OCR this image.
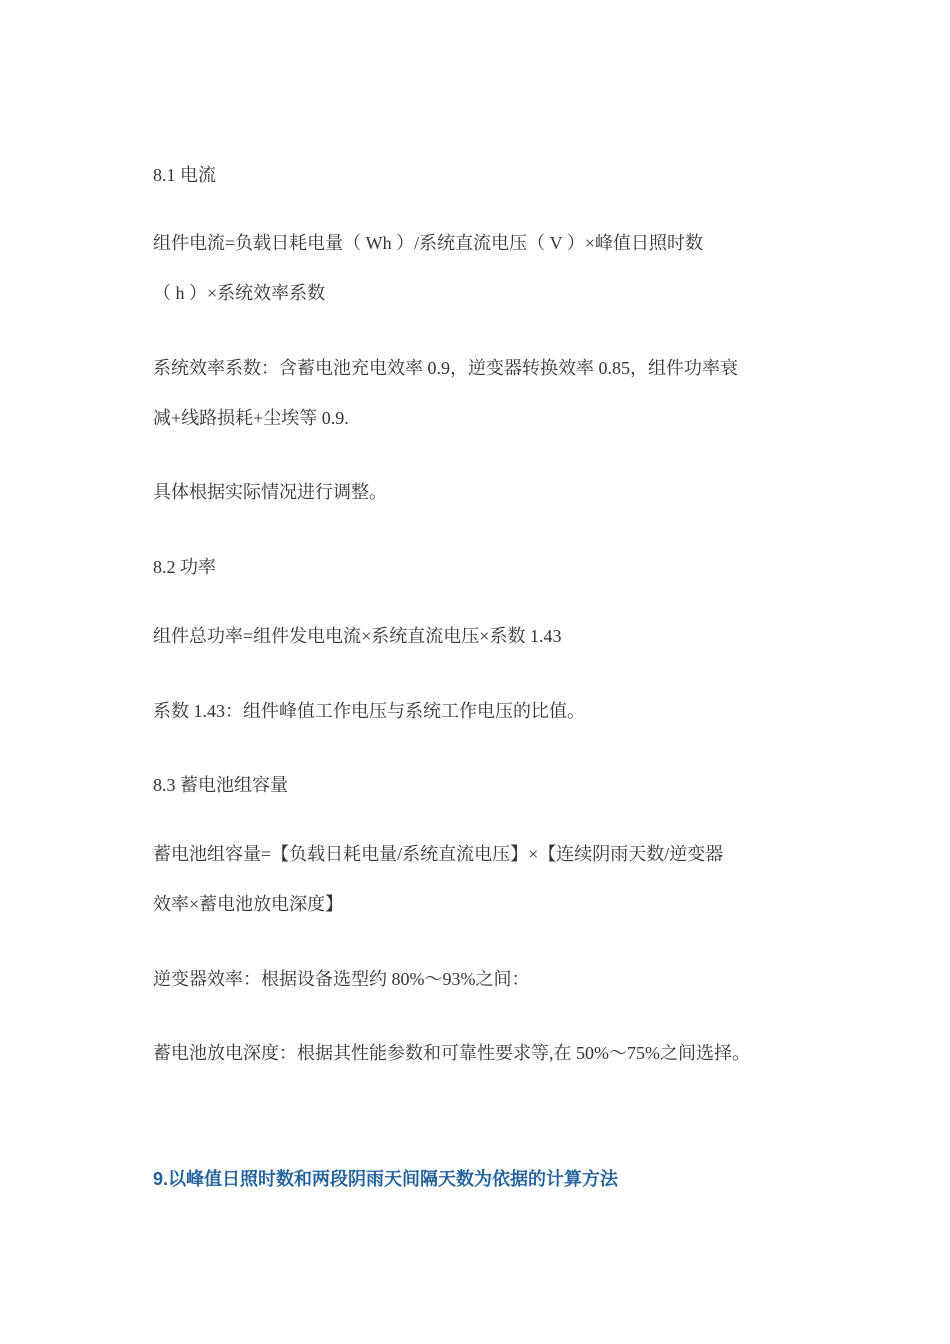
8.1 电流
组件电流=负载日耗电量（ Wh ）/系统直流电压（ V ）×峰值日照时数
（ h ）×系统效率系数
系统效率系数：含蓄电池充电效率 0.9，逆变器转换效率 0.85，组件功率衰
减+线路损耗+尘埃等 0.9.
具体根据实际情况进行调整。
8.2 功率
组件总功率=组件发电电流×系统直流电压×系数 1.43
系数 1.43：组件峰值工作电压与系统工作电压的比值。
8.3 蓄电池组容量
蓄电池组容量=【负载日耗电量/系统直流电压】×【连续阴雨天数/逆变器
效率×蓄电池放电深度】
逆变器效率：根据设备选型约 80%～93%之间：
蓄电池放电深度：根据其性能参数和可靠性要求等,在 50%～75%之间选择。
9.以峰值日照时数和两段阴雨天间隔天数为依据的计算方法
